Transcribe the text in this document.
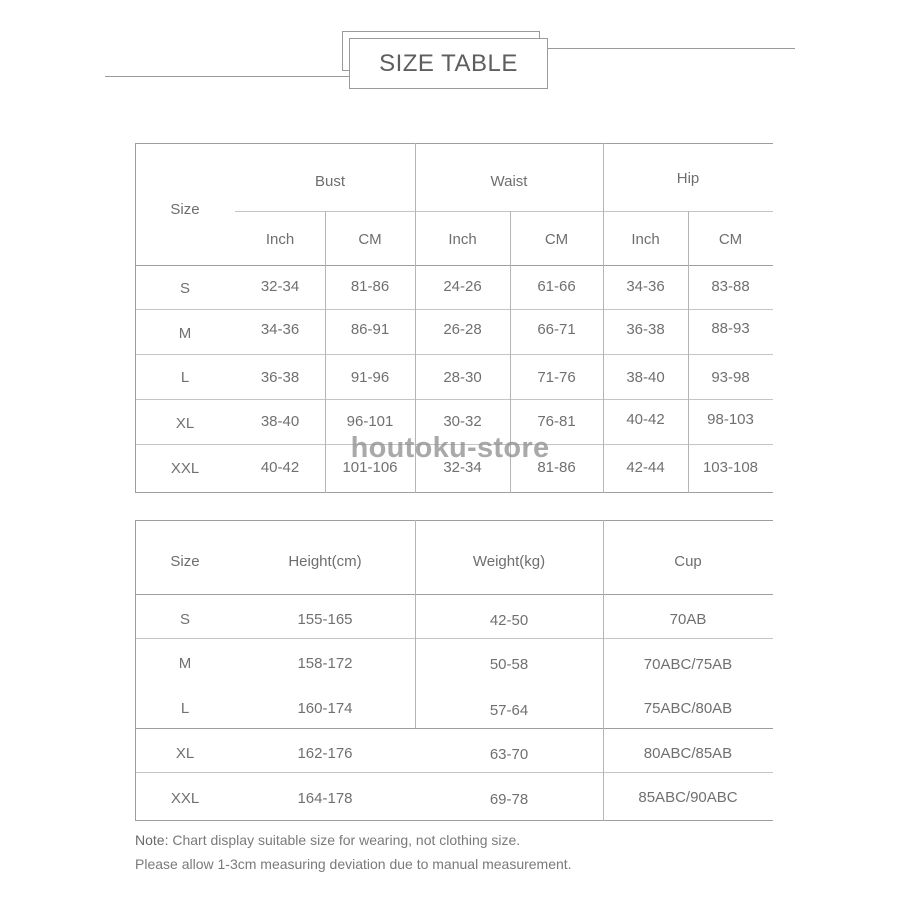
SIZE TABLE
Size
Bust	Waist	Hip
Inch	CM	Inch	CM	Inch	CM
S	32-34	81-86	24-26	61-66	34-36	83-88
M	34-36	86-91	26-28	66-71	36-38	88-93
L	36-38	91-96	28-30	71-76	38-40	93-98
XL	38-40	96-101	30-32	76-81	40-42	98-103
XXL	40-42	101-106	32-34	81-86	42-44	103-108
houtoku-store
Size	Height(cm)	Weight(kg)	Cup
S	155-165	42-50	70AB
M	158-172	50-58	70ABC/75AB
L	160-174	57-64	75ABC/80AB
XL	162-176	63-70	80ABC/85AB
XXL	164-178	69-78	85ABC/90ABC
Note: Chart display suitable size for wearing, not clothing size.
Please allow 1-3cm measuring deviation due to manual measurement.
